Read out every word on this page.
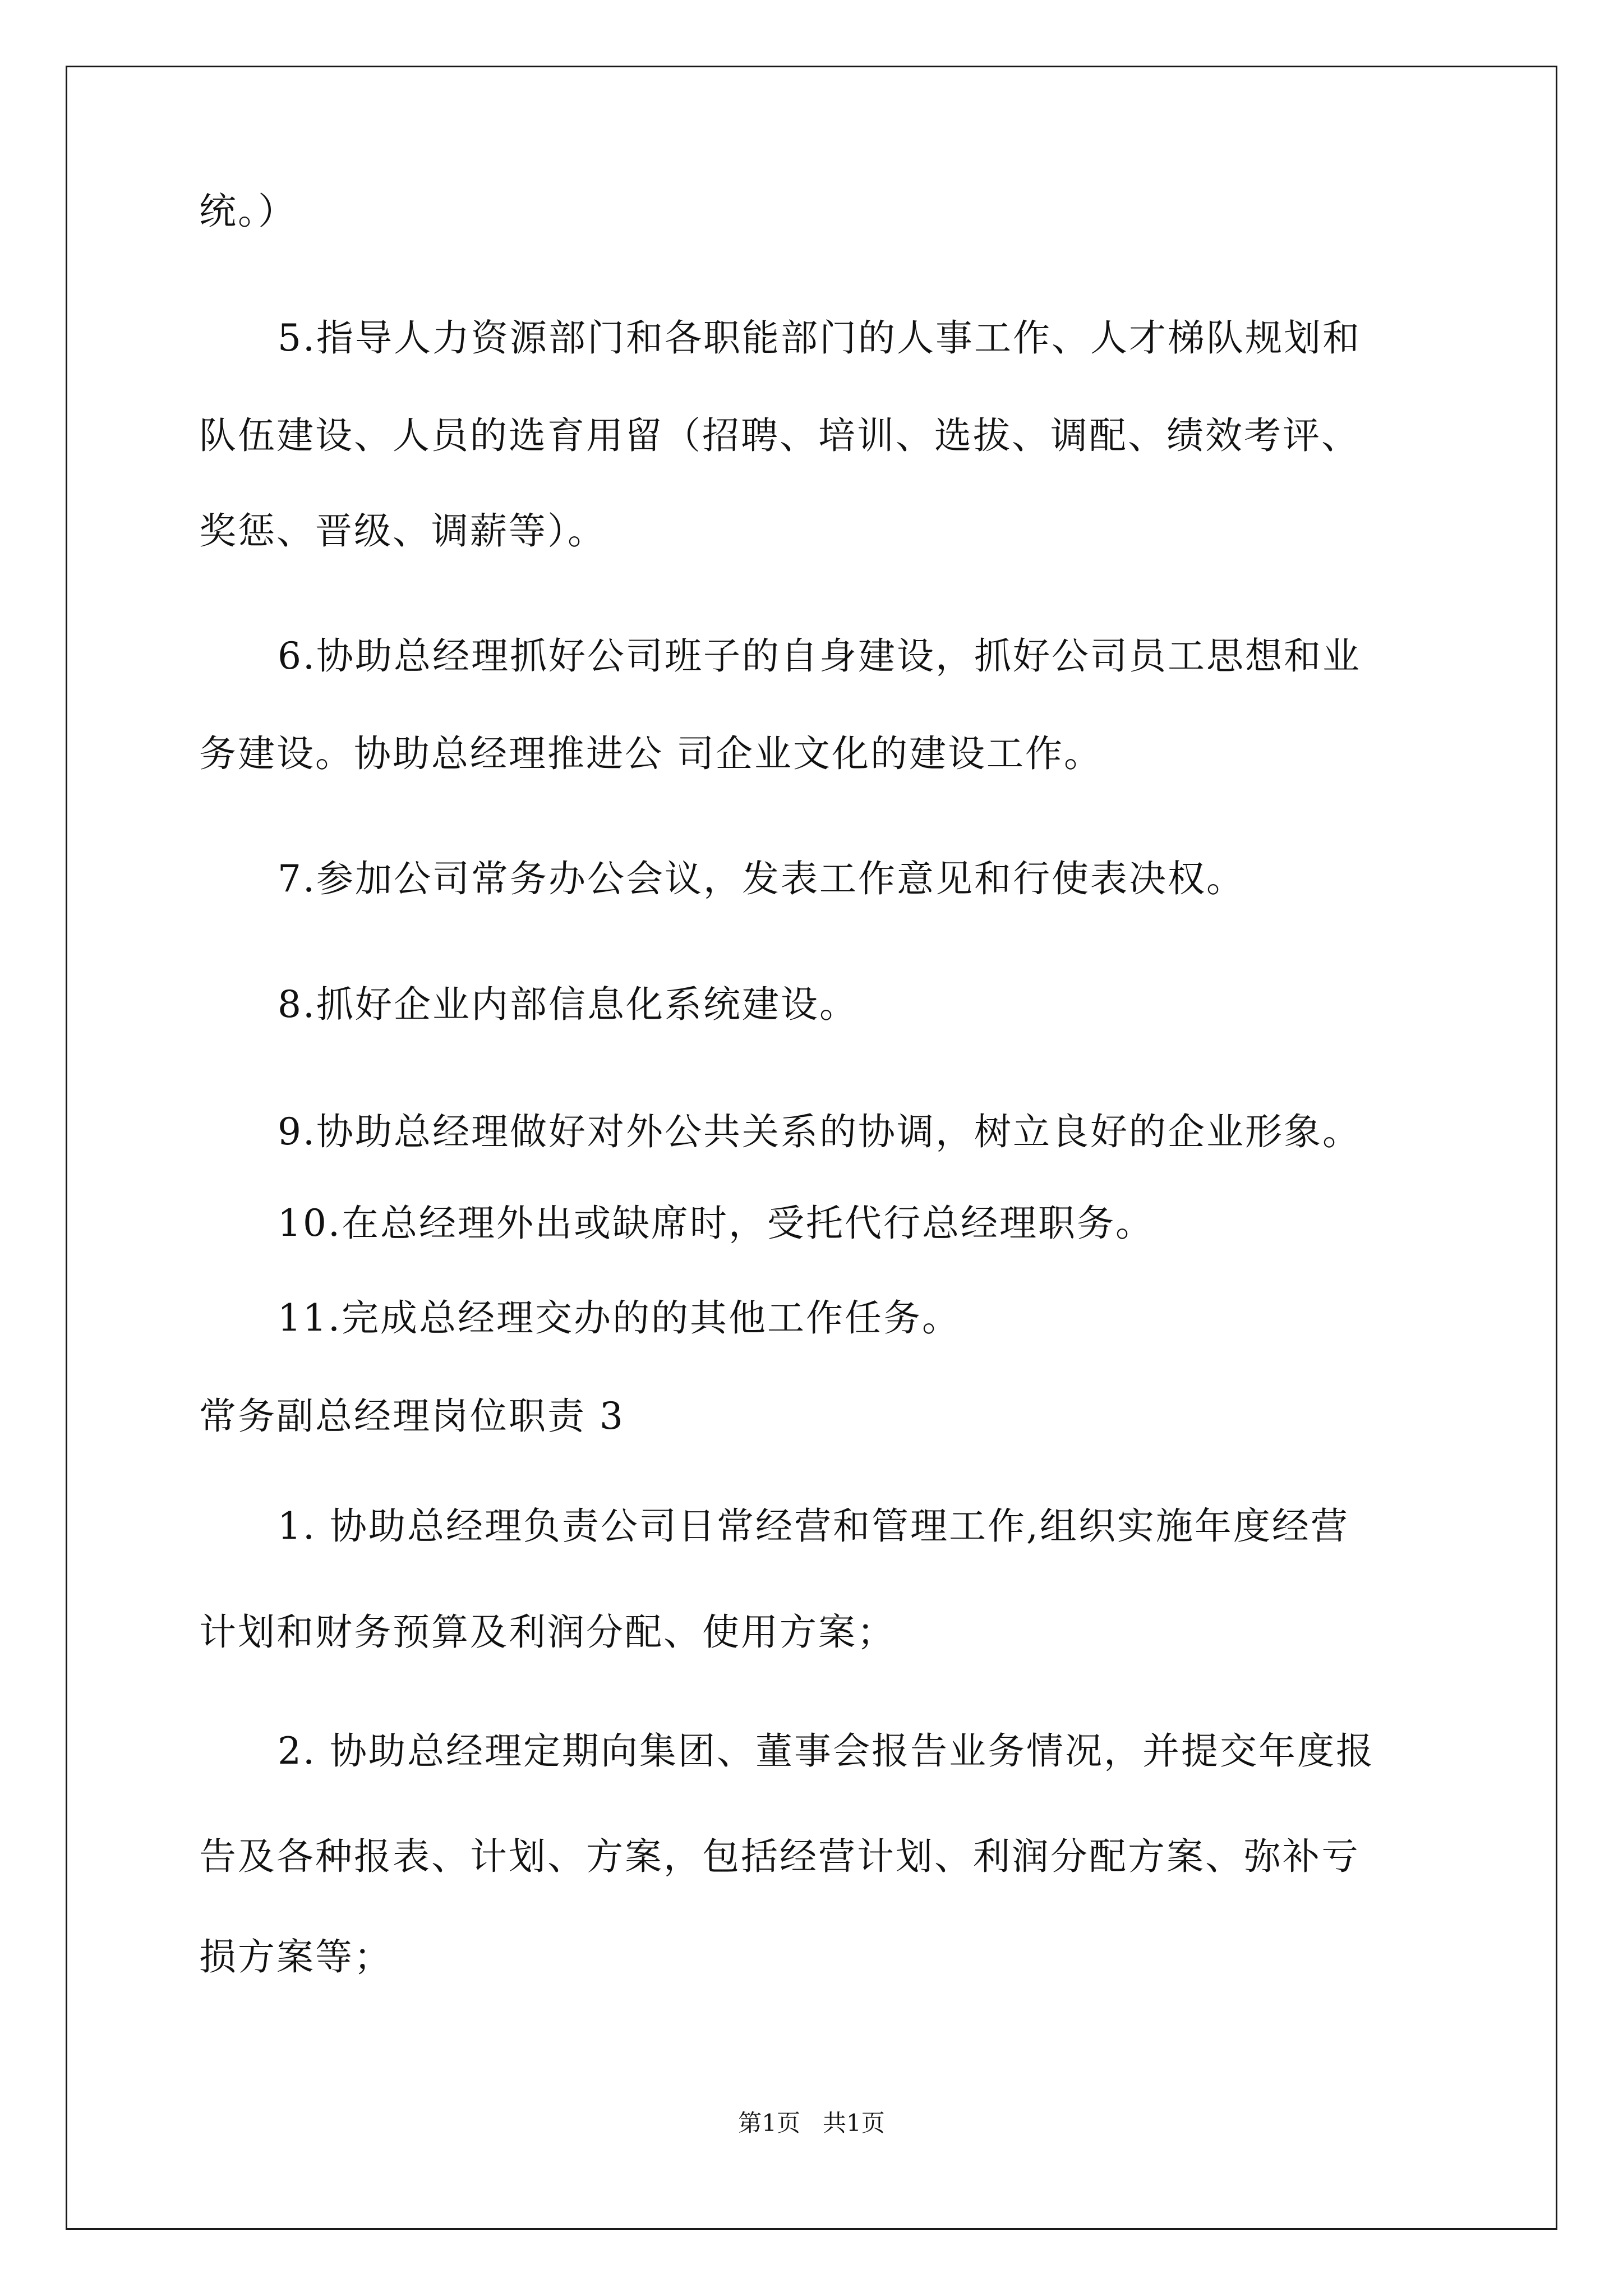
统。）
5.指导人力资源部门和各职能部门的人事工作、人才梯队规划和
队伍建设、人员的选育用留（招聘、培训、选拔、调配、绩效考评、
奖惩、晋级、调薪等）。
6.协助总经理抓好公司班子的自身建设，抓好公司员工思想和业
务建设。协助总经理推进公 司企业文化的建设工作。
7.参加公司常务办公会议，发表工作意见和行使表决权。
8.抓好企业内部信息化系统建设。
9.协助总经理做好对外公共关系的协调，树立良好的企业形象。
10.在总经理外出或缺席时，受托代行总经理职务。
11.完成总经理交办的的其他工作任务。
常务副总经理岗位职责 3
1. 协助总经理负责公司日常经营和管理工作,组织实施年度经营
计划和财务预算及利润分配、使用方案；
2. 协助总经理定期向集团、董事会报告业务情况，并提交年度报
告及各种报表、计划、方案，包括经营计划、利润分配方案、弥补亏
损方案等；
第1页   共1页
